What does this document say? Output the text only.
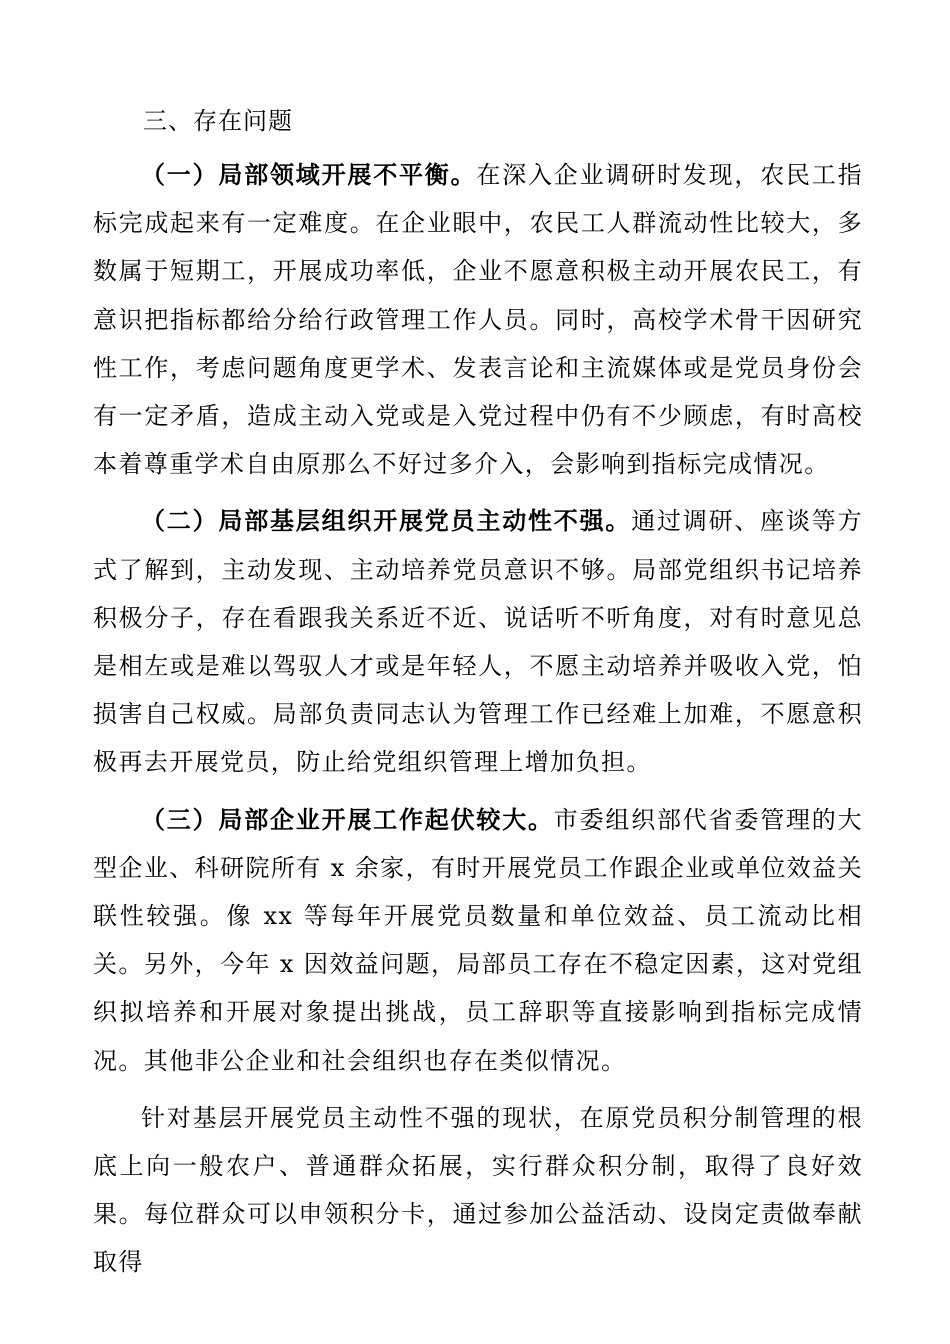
三、存在问题

（一）局部领域开展不平衡。在深入企业调研时发现，农民工指标完成起来有一定难度。在企业眼中，农民工人群流动性比较大，多数属于短期工，开展成功率低，企业不愿意积极主动开展农民工，有意识把指标都给分给行政管理工作人员。同时，高校学术骨干因研究性工作，考虑问题角度更学术、发表言论和主流媒体或是党员身份会有一定矛盾，造成主动入党或是入党过程中仍有不少顾虑，有时高校本着尊重学术自由原那么不好过多介入，会影响到指标完成情况。

（二）局部基层组织开展党员主动性不强。通过调研、座谈等方式了解到，主动发现、主动培养党员意识不够。局部党组织书记培养积极分子，存在看跟我关系近不近、说话听不听角度，对有时意见总是相左或是难以驾驭人才或是年轻人，不愿主动培养并吸收入党，怕损害自己权威。局部负责同志认为管理工作已经难上加难，不愿意积极再去开展党员，防止给党组织管理上增加负担。

（三）局部企业开展工作起伏较大。市委组织部代省委管理的大型企业、科研院所有 x 余家，有时开展党员工作跟企业或单位效益关联性较强。像 xx 等每年开展党员数量和单位效益、员工流动比相关。另外，今年 x 因效益问题，局部员工存在不稳定因素，这对党组织拟培养和开展对象提出挑战，员工辞职等直接影响到指标完成情况。其他非公企业和社会组织也存在类似情况。

针对基层开展党员主动性不强的现状，在原党员积分制管理的根底上向一般农户、普通群众拓展，实行群众积分制，取得了良好效果。每位群众可以申领积分卡，通过参加公益活动、设岗定责做奉献取得
